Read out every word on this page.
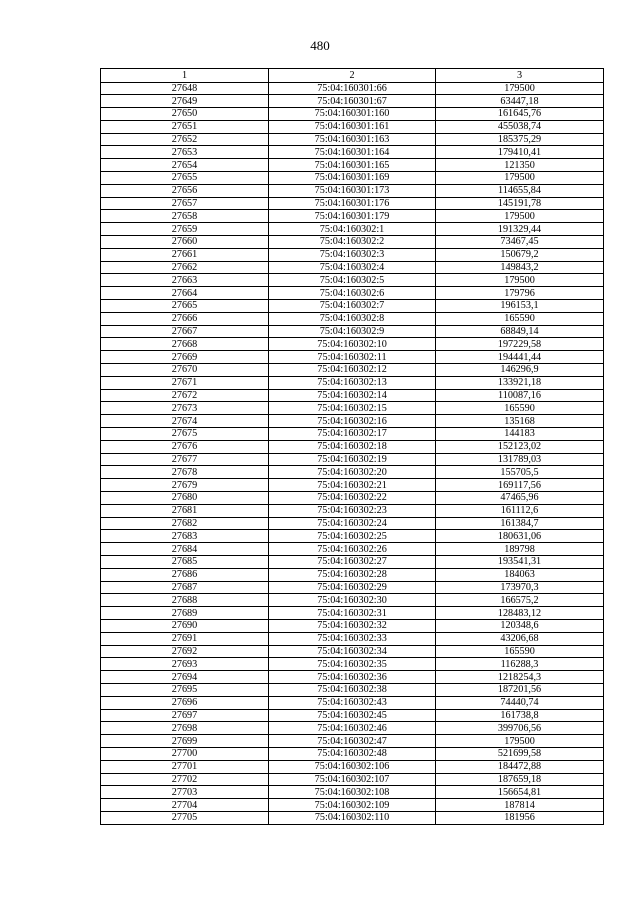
480
1	2	3
27648	75:04:160301:66	179500
27649	75:04:160301:67	63447,18
27650	75:04:160301:160	161645,76
27651	75:04:160301:161	455038,74
27652	75:04:160301:163	185375,29
27653	75:04:160301:164	179410,41
27654	75:04:160301:165	121350
27655	75:04:160301:169	179500
27656	75:04:160301:173	114655,84
27657	75:04:160301:176	145191,78
27658	75:04:160301:179	179500
27659	75:04:160302:1	191329,44
27660	75:04:160302:2	73467,45
27661	75:04:160302:3	150679,2
27662	75:04:160302:4	149843,2
27663	75:04:160302:5	179500
27664	75:04:160302:6	179796
27665	75:04:160302:7	196153,1
27666	75:04:160302:8	165590
27667	75:04:160302:9	68849,14
27668	75:04:160302:10	197229,58
27669	75:04:160302:11	194441,44
27670	75:04:160302:12	146296,9
27671	75:04:160302:13	133921,18
27672	75:04:160302:14	110087,16
27673	75:04:160302:15	165590
27674	75:04:160302:16	135168
27675	75:04:160302:17	144183
27676	75:04:160302:18	152123,02
27677	75:04:160302:19	131789,03
27678	75:04:160302:20	155705,5
27679	75:04:160302:21	169117,56
27680	75:04:160302:22	47465,96
27681	75:04:160302:23	161112,6
27682	75:04:160302:24	161384,7
27683	75:04:160302:25	180631,06
27684	75:04:160302:26	189798
27685	75:04:160302:27	193541,31
27686	75:04:160302:28	184063
27687	75:04:160302:29	173970,3
27688	75:04:160302:30	166575,2
27689	75:04:160302:31	128483,12
27690	75:04:160302:32	120348,6
27691	75:04:160302:33	43206,68
27692	75:04:160302:34	165590
27693	75:04:160302:35	116288,3
27694	75:04:160302:36	1218254,3
27695	75:04:160302:38	187201,56
27696	75:04:160302:43	74440,74
27697	75:04:160302:45	161738,8
27698	75:04:160302:46	399706,56
27699	75:04:160302:47	179500
27700	75:04:160302:48	521699,58
27701	75:04:160302:106	184472,88
27702	75:04:160302:107	187659,18
27703	75:04:160302:108	156654,81
27704	75:04:160302:109	187814
27705	75:04:160302:110	181956
